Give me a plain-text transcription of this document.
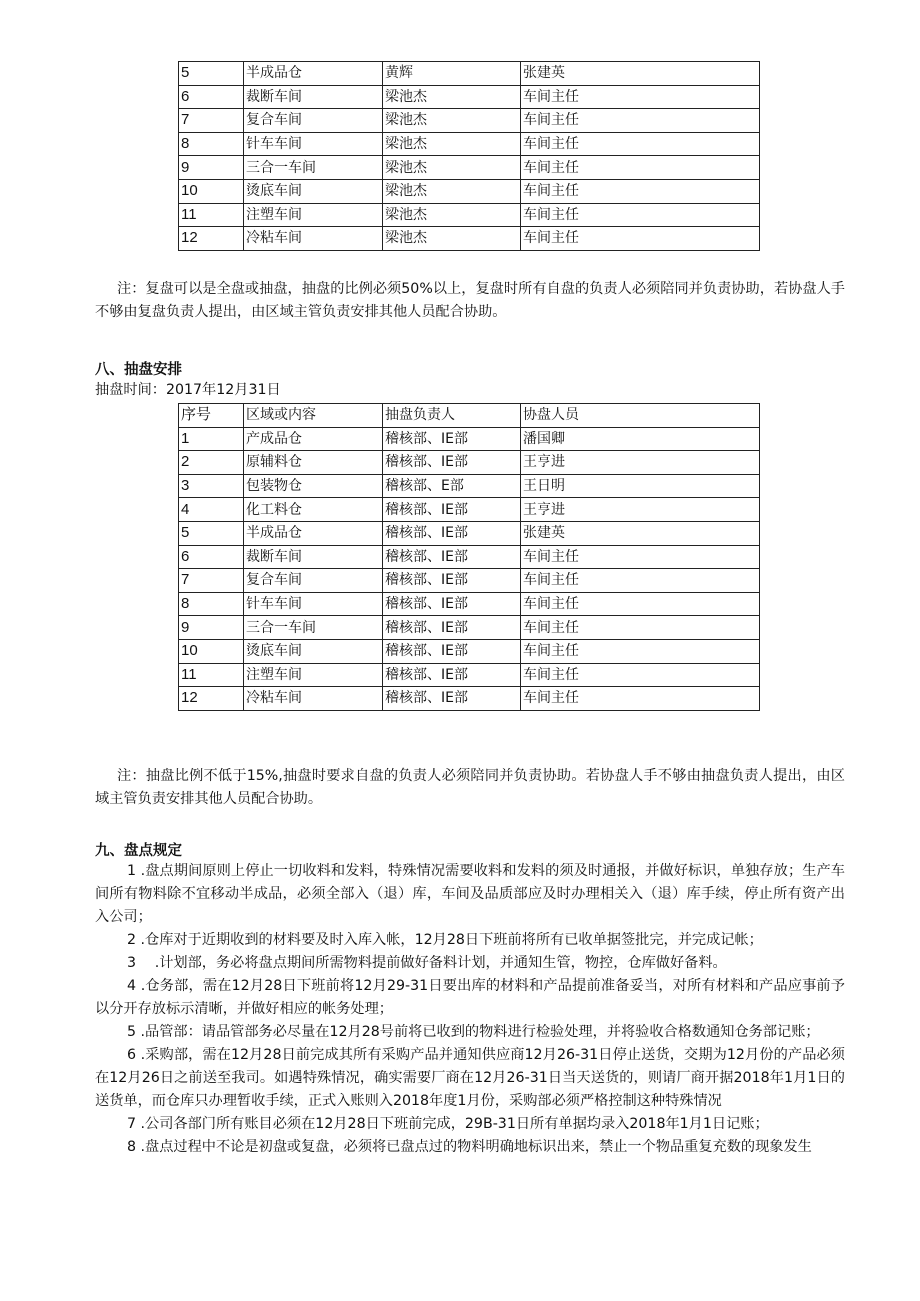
5	半成品仓	黄辉	张建英
6	裁断车间	梁池杰	车间主任
7	复合车间	梁池杰	车间主任
8	针车车间	梁池杰	车间主任
9	三合一车间	梁池杰	车间主任
10	烫底车间	梁池杰	车间主任
11	注塑车间	梁池杰	车间主任
12	冷粘车间	梁池杰	车间主任
注：复盘可以是全盘或抽盘，抽盘的比例必须50%以上，复盘时所有自盘的负责人必须陪同并负责协助，若协盘人手不够由复盘负责人提出，由区域主管负责安排其他人员配合协助。
八、抽盘安排
抽盘时间：2017年12月31日
序号	区域或内容	抽盘负责人	协盘人员
1	产成品仓	稽核部、IE部	潘国卿
2	原辅料仓	稽核部、IE部	王亨进
3	包装物仓	稽核部、E部	王日明
4	化工料仓	稽核部、IE部	王亨进
5	半成品仓	稽核部、IE部	张建英
6	裁断车间	稽核部、IE部	车间主任
7	复合车间	稽核部、IE部	车间主任
8	针车车间	稽核部、IE部	车间主任
9	三合一车间	稽核部、IE部	车间主任
10	烫底车间	稽核部、IE部	车间主任
11	注塑车间	稽核部、IE部	车间主任
12	冷粘车间	稽核部、IE部	车间主任
注：抽盘比例不低于15%,抽盘时要求自盘的负责人必须陪同并负责协助。若协盘人手不够由抽盘负责人提出，由区域主管负责安排其他人员配合协助。
九、盘点规定
1 .盘点期间原则上停止一切收料和发料，特殊情况需要收料和发料的须及时通报，并做好标识，单独存放；生产车间所有物料除不宜移动半成品，必须全部入（退）库，车间及品质部应及时办理相关入（退）库手续，停止所有资产出入公司；
2 .仓库对于近期收到的材料要及时入库入帐，12月28日下班前将所有已收单据签批完，并完成记帐；
3 　.计划部，务必将盘点期间所需物料提前做好备料计划，并通知生管，物控，仓库做好备料。
4 .仓务部，需在12月28日下班前将12月29-31日要出库的材料和产品提前准备妥当，对所有材料和产品应事前予以分开存放标示清晰，并做好相应的帐务处理；
5 .品管部：请品管部务必尽量在12月28号前将已收到的物料进行检验处理，并将验收合格数通知仓务部记账；
6 .采购部，需在12月28日前完成其所有采购产品并通知供应商12月26-31日停止送货，交期为12月份的产品必须在12月26日之前送至我司。如遇特殊情况，确实需要厂商在12月26-31日当天送货的，则请厂商开据2018年1月1日的送货单，而仓库只办理暂收手续，正式入账则入2018年度1月份，采购部必须严格控制这种特殊情况
7 .公司各部门所有账目必须在12月28日下班前完成，29B-31日所有单据均录入2018年1月1日记账；
8 .盘点过程中不论是初盘或复盘，必须将已盘点过的物料明确地标识出来，禁止一个物品重复充数的现象发生
